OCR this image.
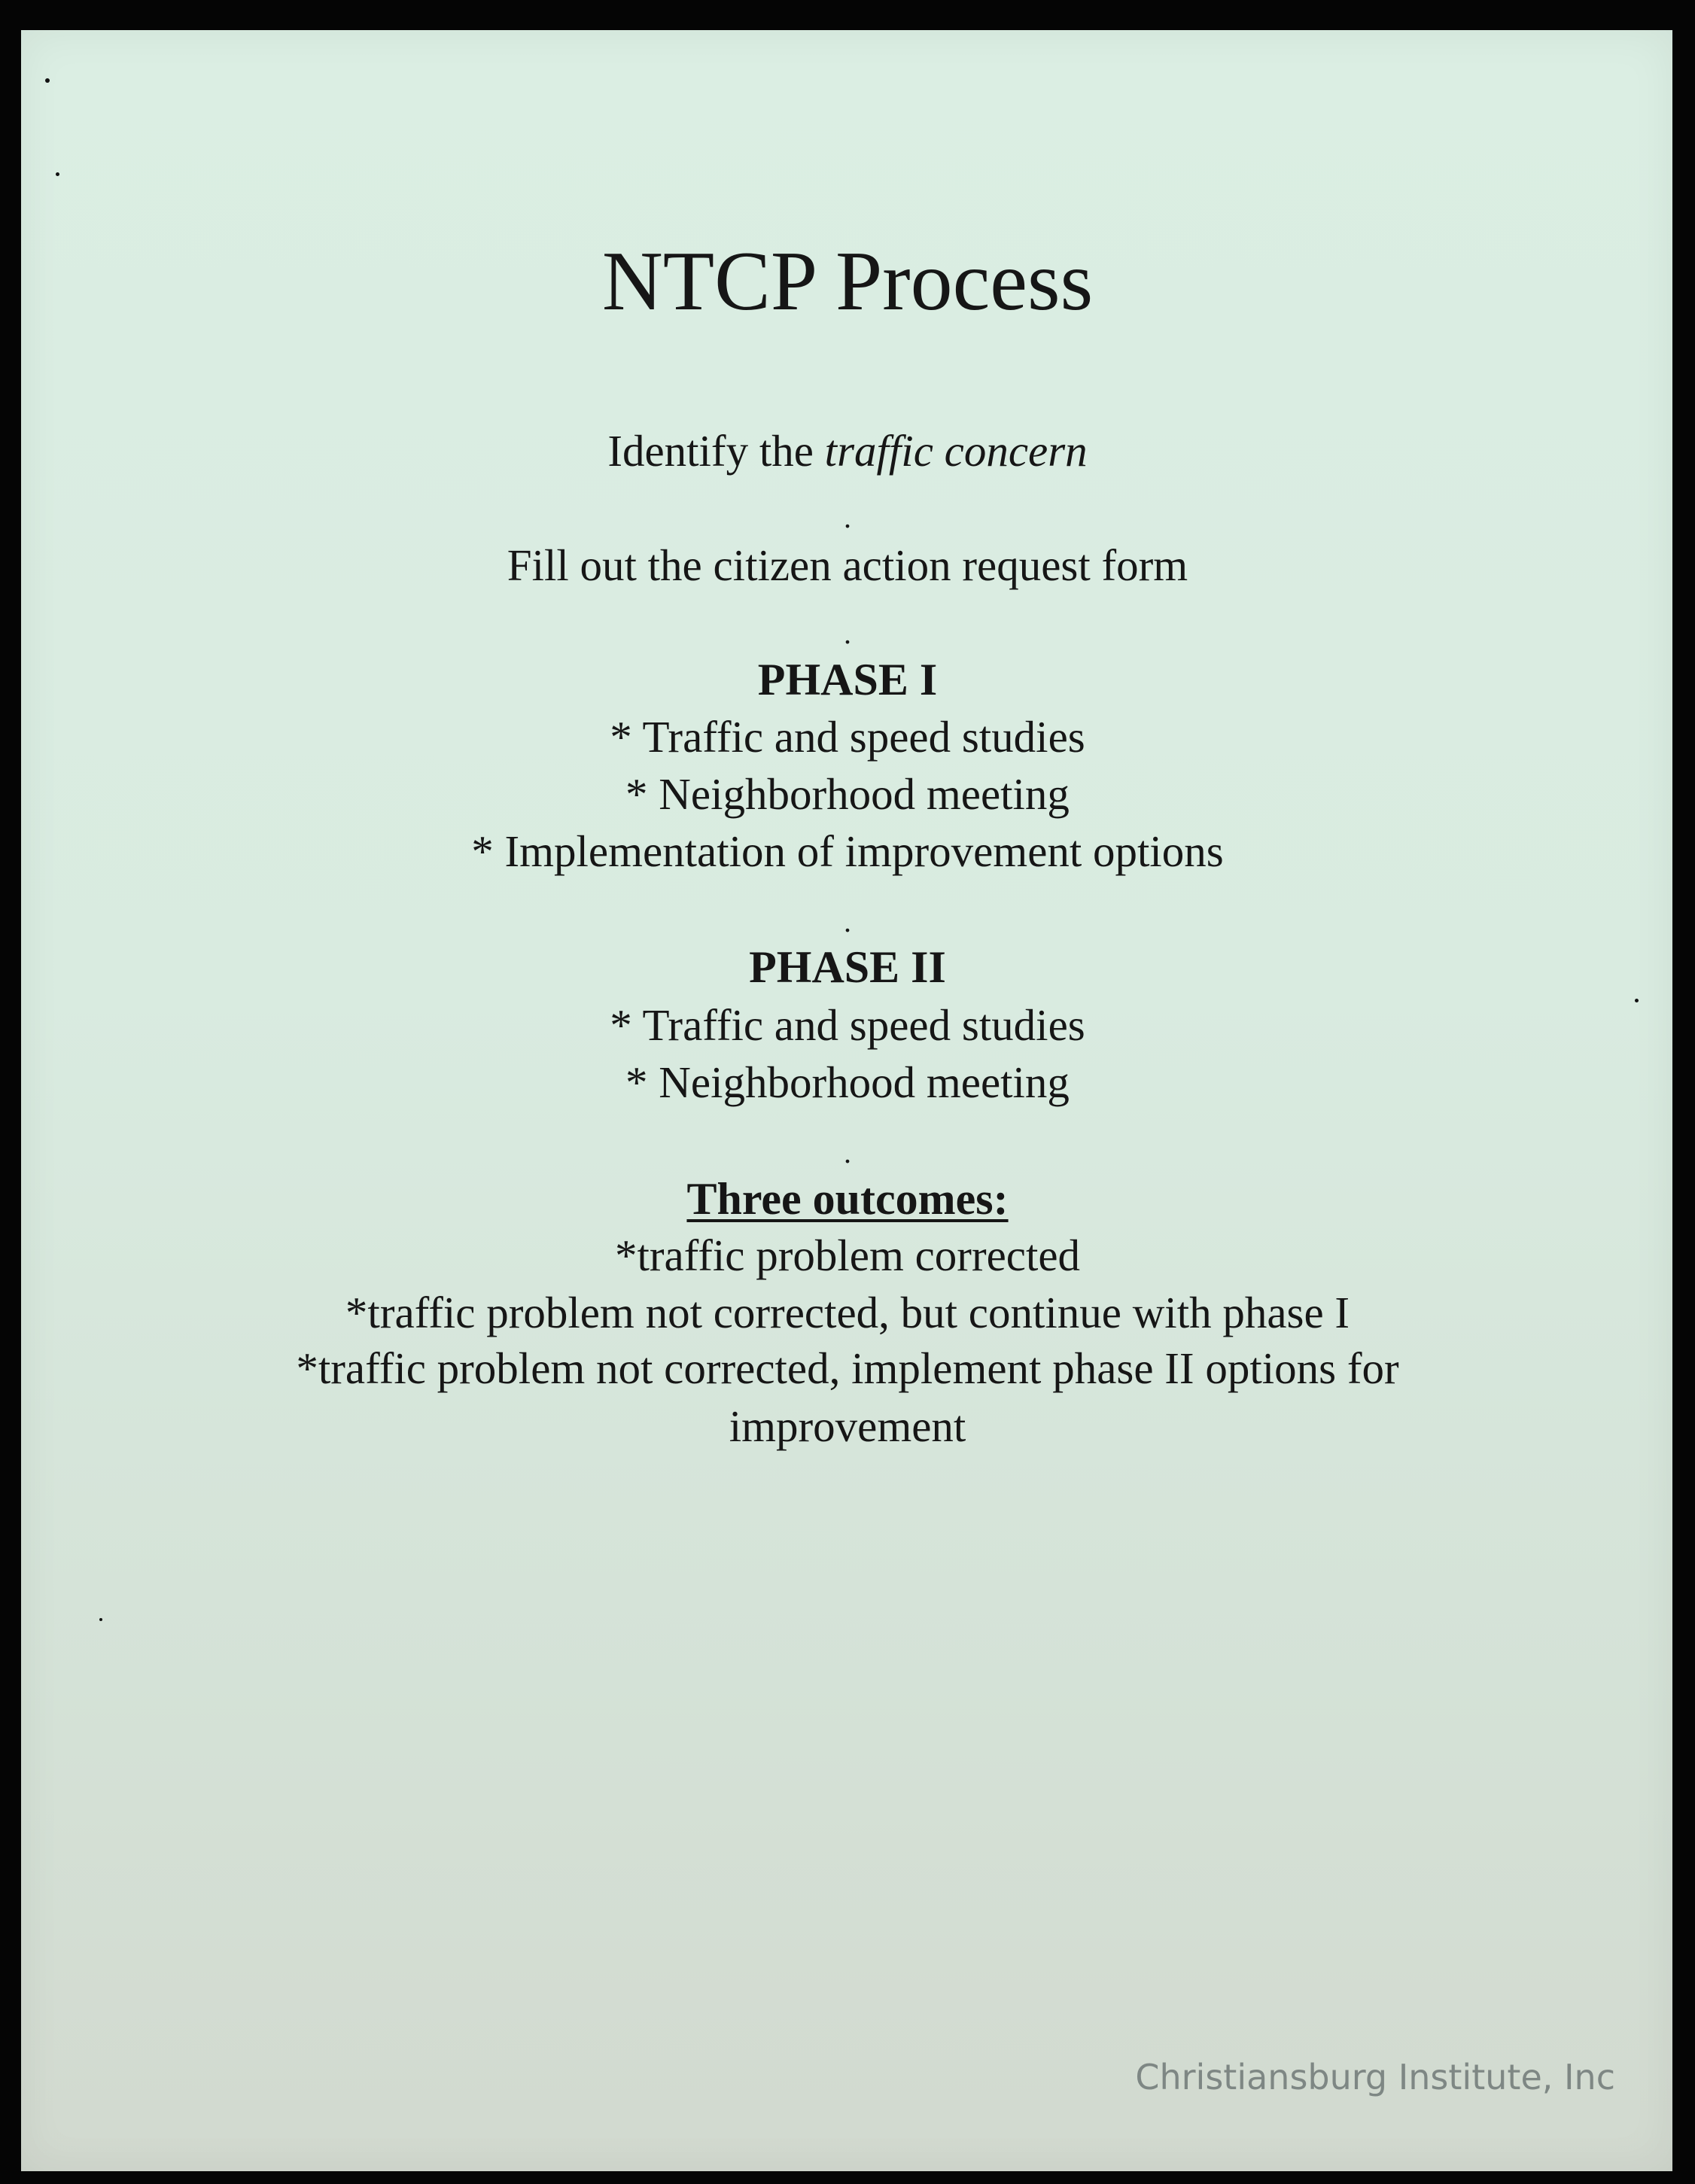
NTCP Process
Identify the traffic concern
.
Fill out the citizen action request form
.
PHASE I
* Traffic and speed studies
* Neighborhood meeting
* Implementation of improvement options
.
PHASE II
* Traffic and speed studies
* Neighborhood meeting
.
Three outcomes:
*traffic problem corrected
*traffic problem not corrected, but continue with phase I
*traffic problem not corrected, implement phase II options for
improvement
Christiansburg Institute, Inc
